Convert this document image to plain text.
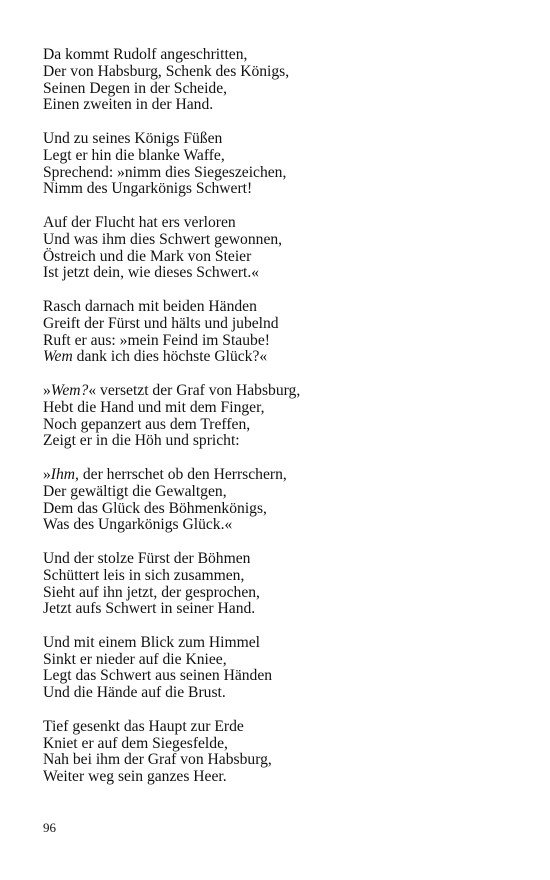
Da kommt Rudolf angeschritten,
Der von Habsburg, Schenk des Königs,
Seinen Degen in der Scheide,
Einen zweiten in der Hand.
Und zu seines Königs Füßen
Legt er hin die blanke Waffe,
Sprechend: »nimm dies Siegeszeichen,
Nimm des Ungarkönigs Schwert!
Auf der Flucht hat ers verloren
Und was ihm dies Schwert gewonnen,
Östreich und die Mark von Steier
Ist jetzt dein, wie dieses Schwert.«
Rasch darnach mit beiden Händen
Greift der Fürst und hälts und jubelnd
Ruft er aus: »mein Feind im Staube!
Wem dank ich dies höchste Glück?«
»Wem?« versetzt der Graf von Habsburg,
Hebt die Hand und mit dem Finger,
Noch gepanzert aus dem Treffen,
Zeigt er in die Höh und spricht:
»Ihm, der herrschet ob den Herrschern,
Der gewältigt die Gewaltgen,
Dem das Glück des Böhmenkönigs,
Was des Ungarkönigs Glück.«
Und der stolze Fürst der Böhmen
Schüttert leis in sich zusammen,
Sieht auf ihn jetzt, der gesprochen,
Jetzt aufs Schwert in seiner Hand.
Und mit einem Blick zum Himmel
Sinkt er nieder auf die Kniee,
Legt das Schwert aus seinen Händen
Und die Hände auf die Brust.
Tief gesenkt das Haupt zur Erde
Kniet er auf dem Siegesfelde,
Nah bei ihm der Graf von Habsburg,
Weiter weg sein ganzes Heer.
96
